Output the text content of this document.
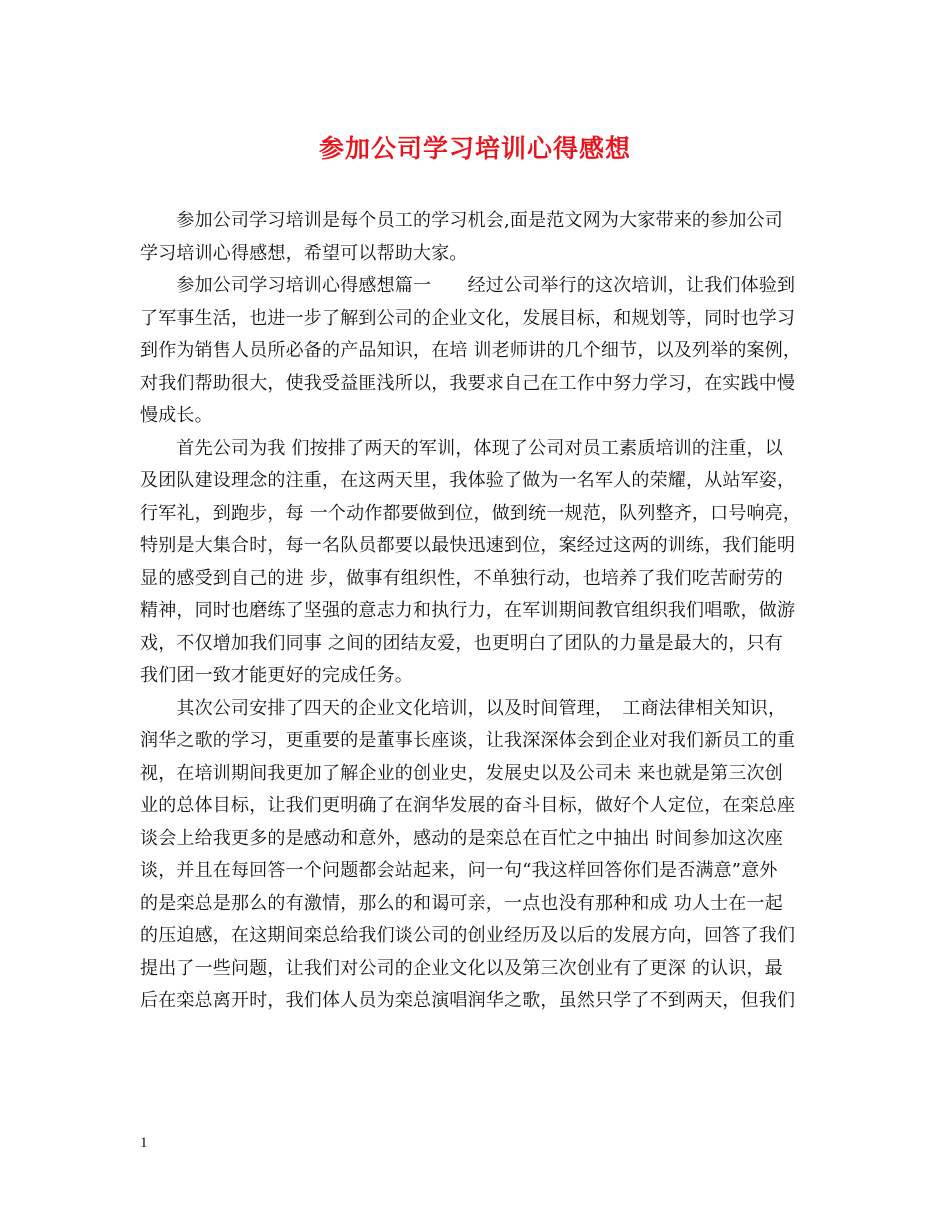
参加公司学习培训心得感想
　　参加公司学习培训是每个员工的学习机会,面是范文网为大家带来的参加公司
学习培训心得感想，希望可以帮助大家。
　　参加公司学习培训心得感想篇一　　经过公司举行的这次培训，让我们体验到
了军事生活，也进一步了解到公司的企业文化，发展目标，和规划等，同时也学习
到作为销售人员所必备的产品知识，在培 训老师讲的几个细节，以及列举的案例，
对我们帮助很大，使我受益匪浅所以，我要求自己在工作中努力学习，在实践中慢
慢成长。
　　首先公司为我 们按排了两天的军训，体现了公司对员工素质培训的注重，以
及团队建设理念的注重，在这两天里，我体验了做为一名军人的荣耀，从站军姿，
行军礼，到跑步，每 一个动作都要做到位，做到统一规范，队列整齐，口号响亮，
特别是大集合时，每一名队员都要以最快迅速到位，案经过这两的训练，我们能明
显的感受到自己的进 步，做事有组织性，不单独行动，也培养了我们吃苦耐劳的
精神，同时也磨练了坚强的意志力和执行力，在军训期间教官组织我们唱歌，做游
戏，不仅增加我们同事 之间的团结友爱，也更明白了团队的力量是最大的，只有
我们团一致才能更好的完成任务。
　　其次公司安排了四天的企业文化培训，以及时间管理，　工商法律相关知识，
润华之歌的学习，更重要的是董事长座谈，让我深深体会到企业对我们新员工的重
视，在培训期间我更加了解企业的创业史，发展史以及公司未 来也就是第三次创
业的总体目标，让我们更明确了在润华发展的奋斗目标，做好个人定位，在栾总座
谈会上给我更多的是感动和意外，感动的是栾总在百忙之中抽出 时间参加这次座
谈，并且在每回答一个问题都会站起来，问一句“我这样回答你们是否满意”意外
的是栾总是那么的有激情，那么的和谒可亲，一点也没有那种和成 功人士在一起
的压迫感，在这期间栾总给我们谈公司的创业经历及以后的发展方向，回答了我们
提出了一些问题，让我们对公司的企业文化以及第三次创业有了更深 的认识，最
后在栾总离开时，我们体人员为栾总演唱润华之歌，虽然只学了不到两天，但我们
1
